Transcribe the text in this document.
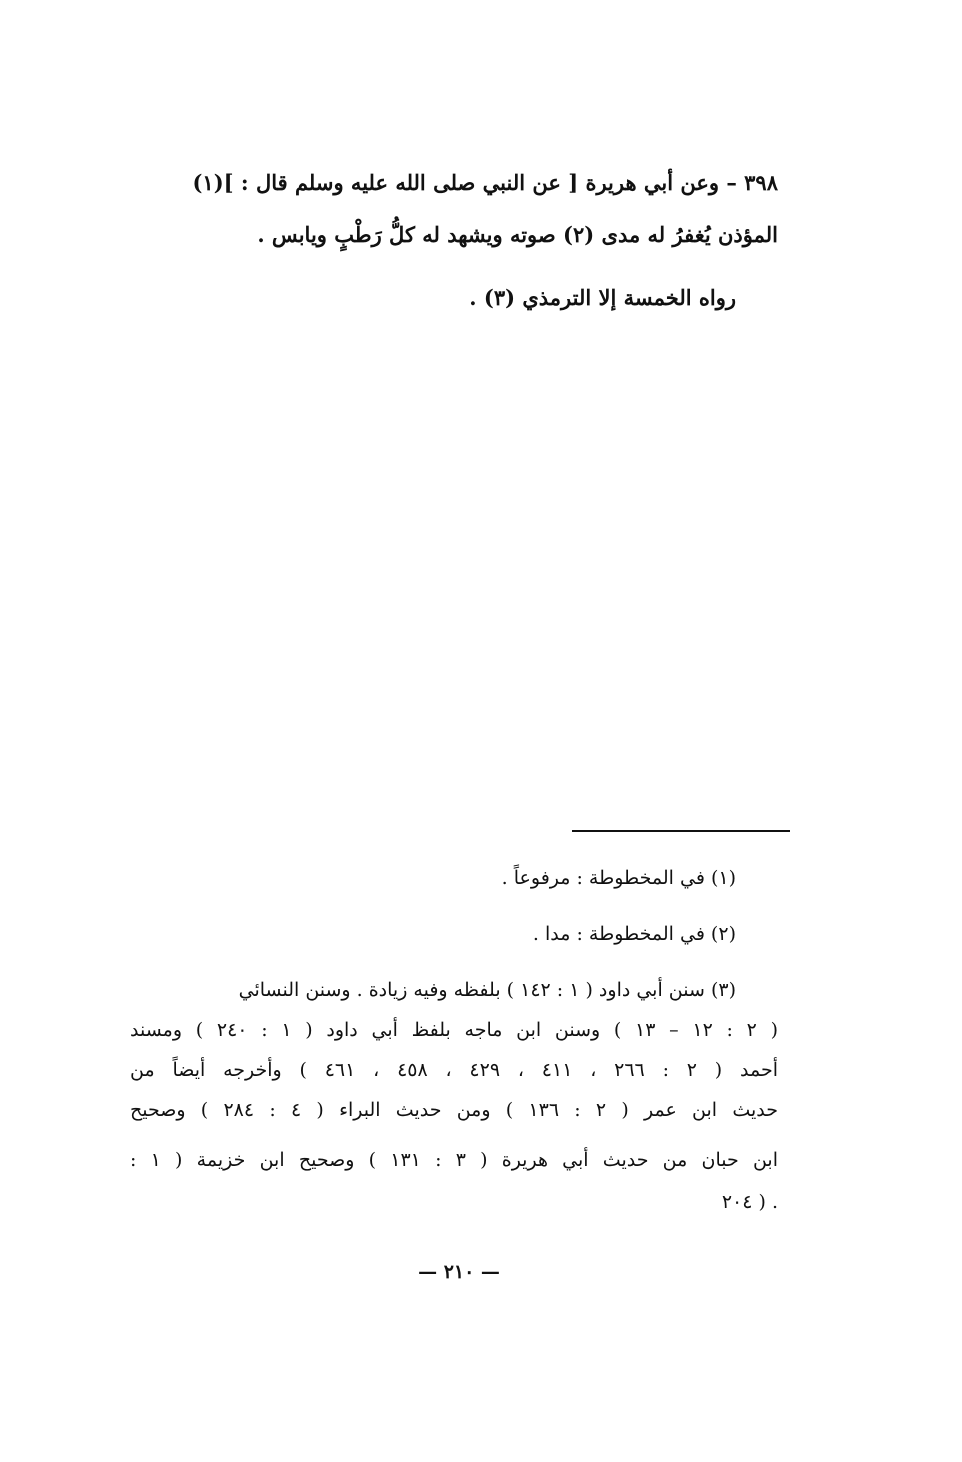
٣٩٨ – وعن أبي هريرة [ عن النبي صلى الله عليه وسلم قال : ](١)
المؤذن يُغفرُ له مدى (٢) صوته ويشهد له كلُّ رَطْبٍ ويابس .
رواه الخمسة إلا الترمذي (٣) .
(١) في المخطوطة : مرفوعاً .
(٢) في المخطوطة : مدا .
(٣) سنن أبي داود ( ١ : ١٤٢ ) بلفظه وفيه زيادة . وسنن النسائي
( ٢ : ١٢ – ١٣ ) وسنن ابن ماجه بلفظ أبي داود ( ١ : ٢٤٠ ) ومسند
أحمد ( ٢ : ٢٦٦ ، ٤١١ ، ٤٢٩ ، ٤٥٨ ، ٤٦١ ) وأخرجه أيضاً من
حديث ابن عمر ( ٢ : ١٣٦ ) ومن حديث البراء ( ٤ : ٢٨٤ ) وصحيح
ابن حبان من حديث أبي هريرة ( ٣ : ١٣١ ) وصحيح ابن خزيمة ( ١ :
٢٠٤ ) .
— ٢١٠ —
